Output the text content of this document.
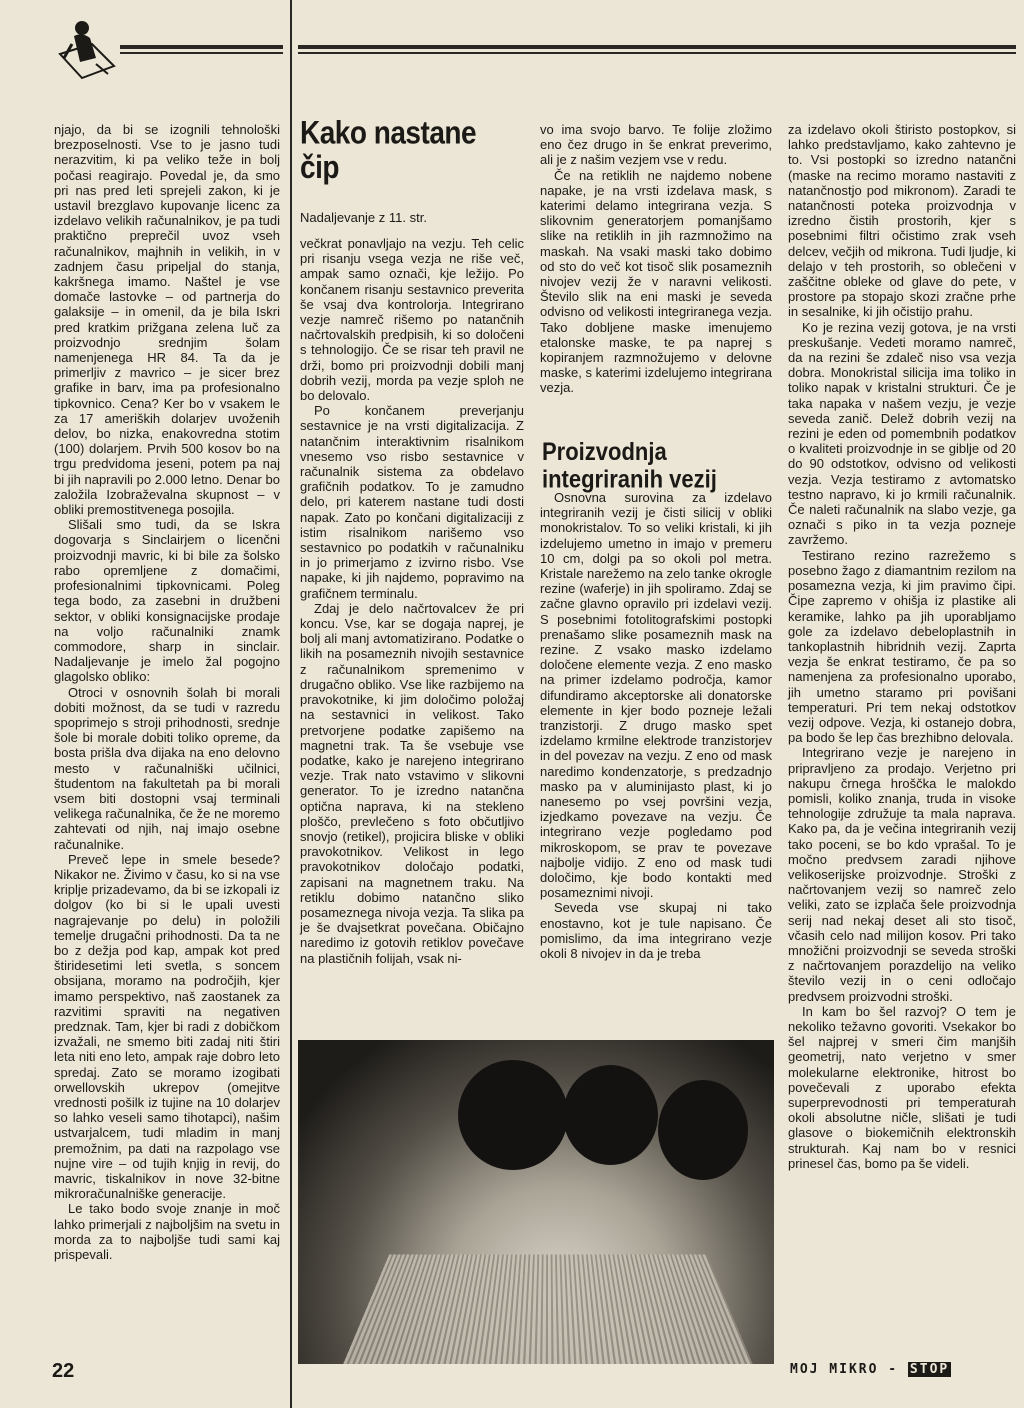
njajo, da bi se izognili tehnološki brezposelnosti. Vse to je jasno tudi nerazvitim, ki pa veliko teže in bolj počasi reagirajo. Povedal je, da smo pri nas pred leti sprejeli zakon, ki je ustavil brezglavo kupovanje licenc za izdelavo velikih računalnikov, je pa tudi praktično preprečil uvoz vseh računalnikov, majhnih in velikih, in v zadnjem času pripeljal do stanja, kakršnega imamo. Naštel je vse domače lastovke – od partnerja do galaksije – in omenil, da je bila Iskri pred kratkim prižgana zelena luč za proizvodnjo srednjim šolam namenjenega HR 84. Ta da je primerljiv z mavrico – je sicer brez grafike in barv, ima pa profesionalno tipkovnico. Cena? Ker bo v vsakem le za 17 ameriških dolarjev uvoženih delov, bo nizka, enakovredna stotim (100) dolarjem. Prvih 500 kosov bo na trgu predvidoma jeseni, potem pa naj bi jih napravili po 2.000 letno. Denar bo založila Izobraževalna skupnost – v obliki premostitvenega posojila.

Slišali smo tudi, da se Iskra dogovarja s Sinclairjem o licenčni proizvodnji mavric, ki bi bile za šolsko rabo opremljene z domačimi, profesionalnimi tipkovnicami. Poleg tega bodo, za zasebni in družbeni sektor, v obliki konsignacijske prodaje na voljo računalniki znamk commodore, sharp in sinclair. Nadaljevanje je imelo žal pogojno glagolsko obliko:

Otroci v osnovnih šolah bi morali dobiti možnost, da se tudi v razredu spoprimejo s stroji prihodnosti, srednje šole bi morale dobiti toliko opreme, da bosta prišla dva dijaka na eno delovno mesto v računalniški učilnici, študentom na fakultetah pa bi morali vsem biti dostopni vsaj terminali velikega računalnika, če že ne moremo zahtevati od njih, naj imajo osebne računalnike.

Preveč lepe in smele besede? Nikakor ne. Živimo v času, ko si na vse kriplje prizadevamo, da bi se izkopali iz dolgov (ko bi si le upali uvesti nagrajevanje po delu) in položili temelje drugačni prihodnosti. Da ta ne bo z dežja pod kap, ampak kot pred štiridesetimi leti svetla, s soncem obsijana, moramo na področjih, kjer imamo perspektivo, naš zaostanek za razvitimi spraviti na negativen predznak. Tam, kjer bi radi z dobičkom izvažali, ne smemo biti zadaj niti štiri leta niti eno leto, ampak raje dobro leto spredaj. Zato se moramo izogibati orwellovskih ukrepov (omejitve vrednosti pošilk iz tujine na 10 dolarjev so lahko veseli samo tihotapci), našim ustvarjalcem, tudi mladim in manj premožnim, pa dati na razpolago vse nujne vire – od tujih knjig in revij, do mavric, tiskalnikov in nove 32-bitne mikroračunalniške generacije.

Le tako bodo svoje znanje in moč lahko primerjali z najboljšim na svetu in morda za to najboljše tudi sami kaj prispevali.

Kako nastane čip
Nadaljevanje z 11. str.

večkrat ponavljajo na vezju. Teh celic pri risanju vsega vezja ne riše več, ampak samo označi, kje ležijo. Po končanem risanju sestavnico preverita še vsaj dva kontrolorja. Integrirano vezje namreč rišemo po natančnih načrtovalskih predpisih, ki so določeni s tehnologijo. Če se risar teh pravil ne drži, bomo pri proizvodnji dobili manj dobrih vezij, morda pa vezje sploh ne bo delovalo.

Po končanem preverjanju sestavnice je na vrsti digitalizacija. Z natančnim interaktivnim risalnikom vnesemo vso risbo sestavnice v računalnik sistema za obdelavo grafičnih podatkov. To je zamudno delo, pri katerem nastane tudi dosti napak. Zato po končani digitalizaciji z istim risalnikom narišemo vso sestavnico po podatkih v računalniku in jo primerjamo z izvirno risbo. Vse napake, ki jih najdemo, popravimo na grafičnem terminalu.

Zdaj je delo načrtovalcev že pri koncu. Vse, kar se dogaja naprej, je bolj ali manj avtomatizirano. Podatke o likih na posameznih nivojih sestavnice z računalnikom spremenimo v drugačno obliko. Vse like razbijemo na pravokotnike, ki jim določimo položaj na sestavnici in velikost. Tako pretvorjene podatke zapišemo na magnetni trak. Ta še vsebuje vse podatke, kako je narejeno integrirano vezje. Trak nato vstavimo v slikovni generator. To je izredno natančna optična naprava, ki na stekleno ploščo, prevlečeno s foto občutljivo snovjo (retikel), projicira bliske v obliki pravokotnikov. Velikost in lego pravokotnikov določajo podatki, zapisani na magnetnem traku. Na retiklu dobimo natančno sliko posameznega nivoja vezja. Ta slika pa je še dvajsetkrat povečana. Običajno naredimo iz gotovih retiklov povečave na plastičnih folijah, vsak ni-

vo ima svojo barvo. Te folije zložimo eno čez drugo in še enkrat preverimo, ali je z našim vezjem vse v redu.

Če na retiklih ne najdemo nobene napake, je na vrsti izdelava mask, s katerimi delamo integrirana vezja. S slikovnim generatorjem pomanjšamo slike na retiklih in jih razmnožimo na maskah. Na vsaki maski tako dobimo od sto do več kot tisoč slik posameznih nivojev vezij že v naravni velikosti. Število slik na eni maski je seveda odvisno od velikosti integriranega vezja. Tako dobljene maske imenujemo etalonske maske, te pa naprej s kopiranjem razmnožujemo v delovne maske, s katerimi izdelujemo integrirana vezja.

Proizvodnja integriranih vezij

Osnovna surovina za izdelavo integriranih vezij je čisti silicij v obliki monokristalov. To so veliki kristali, ki jih izdelujemo umetno in imajo v premeru 10 cm, dolgi pa so okoli pol metra. Kristale narežemo na zelo tanke okrogle rezine (waferje) in jih spoliramo. Zdaj se začne glavno opravilo pri izdelavi vezij. S posebnimi fotolitografskimi postopki prenašamo slike posameznih mask na rezine. Z vsako masko izdelamo določene elemente vezja. Z eno masko na primer izdelamo področja, kamor difundiramo akceptorske ali donatorske elemente in kjer bodo pozneje ležali tranzistorji. Z drugo masko spet izdelamo krmilne elektrode tranzistorjev in del povezav na vezju. Z eno od mask naredimo kondenzatorje, s predzadnjo masko pa v aluminijasto plast, ki jo nanesemo po vsej površini vezja, izjedkamo povezave na vezju. Če integrirano vezje pogledamo pod mikroskopom, se prav te povezave najbolje vidijo. Z eno od mask tudi določimo, kje bodo kontakti med posameznimi nivoji.

Seveda vse skupaj ni tako enostavno, kot je tule napisano. Če pomislimo, da ima integrirano vezje okoli 8 nivojev in da je treba

za izdelavo okoli štiristo postopkov, si lahko predstavljamo, kako zahtevno je to. Vsi postopki so izredno natančni (maske na recimo moramo nastaviti z natančnostjo pod mikronom). Zaradi te natančnosti poteka proizvodnja v izredno čistih prostorih, kjer s posebnimi filtri očistimo zrak vseh delcev, večjih od mikrona. Tudi ljudje, ki delajo v teh prostorih, so oblečeni v zaščitne obleke od glave do pete, v prostore pa stopajo skozi zračne prhe in sesalnike, ki jih očistijo prahu.

Ko je rezina vezij gotova, je na vrsti preskušanje. Vedeti moramo namreč, da na rezini še zdaleč niso vsa vezja dobra. Monokristal silicija ima toliko in toliko napak v kristalni strukturi. Če je taka napaka v našem vezju, je vezje seveda zanič. Delež dobrih vezij na rezini je eden od pomembnih podatkov o kvaliteti proizvodnje in se giblje od 20 do 90 odstotkov, odvisno od velikosti vezja. Vezja testiramo z avtomatsko testno napravo, ki jo krmili računalnik. Če naleti računalnik na slabo vezje, ga označi s piko in ta vezja pozneje zavržemo.

Testirano rezino razrežemo s posebno žago z diamantnim rezilom na posamezna vezja, ki jim pravimo čipi. Čipe zapremo v ohišja iz plastike ali keramike, lahko pa jih uporabljamo gole za izdelavo debeloplastnih in tankoplastnih hibridnih vezij. Zaprta vezja še enkrat testiramo, če pa so namenjena za profesionalno uporabo, jih umetno staramo pri povišani temperaturi. Pri tem nekaj odstotkov vezij odpove. Vezja, ki ostanejo dobra, pa bodo še lep čas brezhibno delovala.

Integrirano vezje je narejeno in pripravljeno za prodajo. Verjetno pri nakupu črnega hroščka le malokdo pomisli, koliko znanja, truda in visoke tehnologije združuje ta mala naprava. Kako pa, da je večina integriranih vezij tako poceni, se bo kdo vprašal. To je močno predvsem zaradi njihove velikoserijske proizvodnje. Stroški z načrtovanjem vezij so namreč zelo veliki, zato se izplača šele proizvodnja serij nad nekaj deset ali sto tisoč, včasih celo nad milijon kosov. Pri tako množični proizvodnji se seveda stroški z načrtovanjem porazdelijo na veliko število vezij in o ceni odločajo predvsem proizvodni stroški.

In kam bo šel razvoj? O tem je nekoliko težavno govoriti. Vsekakor bo šel najprej v smeri čim manjših geometrij, nato verjetno v smer molekularne elektronike, hitrost bo povečevali z uporabo efekta superprevodnosti pri temperaturah okoli absolutne ničle, slišati je tudi glasove o biokemičnih elektronskih strukturah. Kaj nam bo v resnici prinesel čas, bomo pa še videli.

22	MOJ MIKRO - ŠTOP
